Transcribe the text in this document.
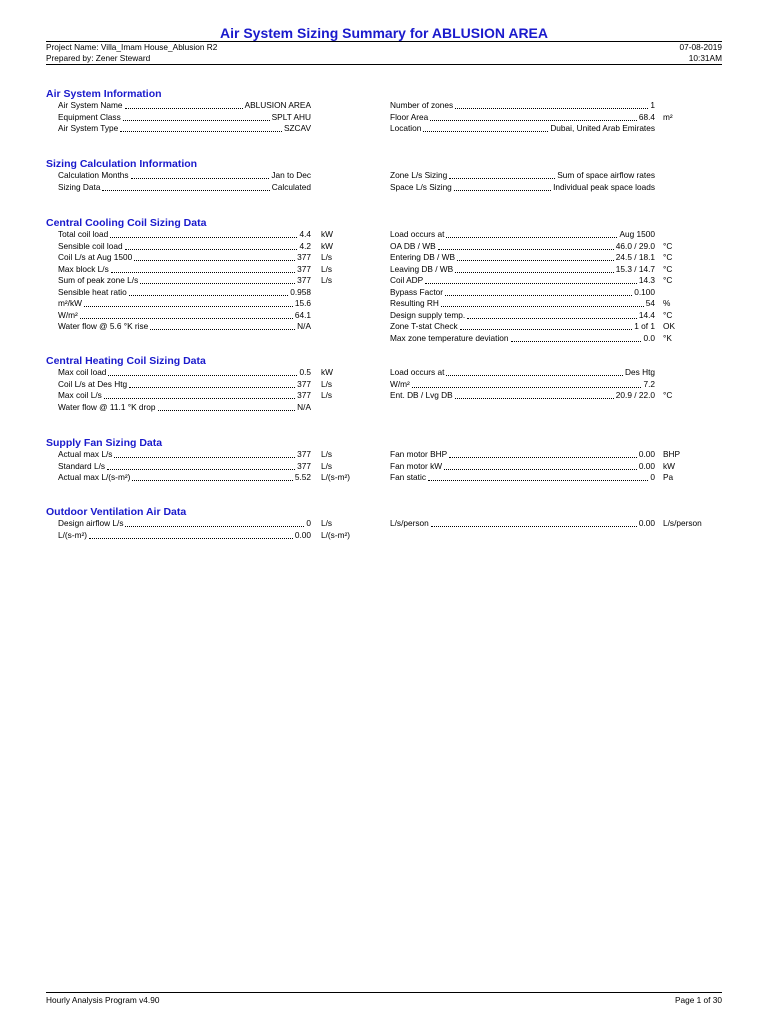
Air System Sizing Summary for ABLUSION AREA
Project Name: Villa_Imam House_Ablusion R2
Prepared by: Zener Steward
07-08-2019
10:31AM
Air System Information
Air System Name	ABLUSION AREA
Equipment Class	SPLT AHU
Air System Type	SZCAV
Number of zones	1
Floor Area	68.4 m²
Location	Dubai, United Arab Emirates
Sizing Calculation Information
Calculation Months	Jan to Dec
Sizing Data	Calculated
Zone L/s Sizing	Sum of space airflow rates
Space L/s Sizing	Individual peak space loads
Central Cooling Coil Sizing Data
Total coil load	4.4 kW
Sensible coil load	4.2 kW
Coil L/s at Aug 1500	377 L/s
Max block L/s	377 L/s
Sum of peak zone L/s	377 L/s
Sensible heat ratio	0.958
m²/kW	15.6
W/m²	64.1
Water flow @ 5.6 °K rise	N/A
Load occurs at	Aug 1500
OA DB / WB	46.0 / 29.0 °C
Entering DB / WB	24.5 / 18.1 °C
Leaving DB / WB	15.3 / 14.7 °C
Coil ADP	14.3 °C
Bypass Factor	0.100
Resulting RH	54 %
Design supply temp.	14.4 °C
Zone T-stat Check	1 of 1 OK
Max zone temperature deviation	0.0 °K
Central Heating Coil Sizing Data
Max coil load	0.5 kW
Coil L/s at Des Htg	377 L/s
Max coil L/s	377 L/s
Water flow @ 11.1 °K drop	N/A
Load occurs at	Des Htg
W/m²	7.2
Ent. DB / Lvg DB	20.9 / 22.0 °C
Supply Fan Sizing Data
Actual max L/s	377 L/s
Standard L/s	377 L/s
Actual max L/(s-m²)	5.52 L/(s-m²)
Fan motor BHP	0.00 BHP
Fan motor kW	0.00 kW
Fan static	0 Pa
Outdoor Ventilation Air Data
Design airflow L/s	0 L/s
L/(s-m²)	0.00 L/(s-m²)
L/s/person	0.00 L/s/person
Hourly Analysis Program v4.90	Page 1 of 30
